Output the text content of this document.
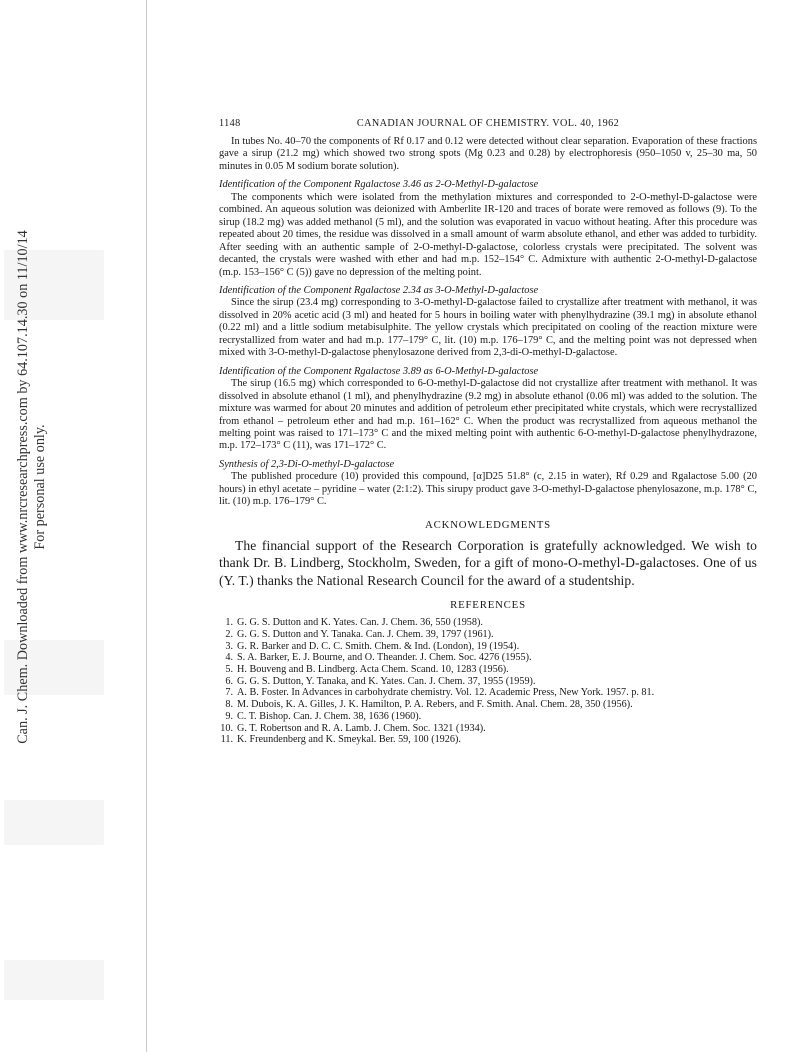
Can. J. Chem. Downloaded from www.nrcresearchpress.com by 64.107.14.30 on 11/10/14 For personal use only.
1148	CANADIAN JOURNAL OF CHEMISTRY. VOL. 40, 1962

In tubes No. 40–70 the components of Rf 0.17 and 0.12 were detected without clear separation. Evaporation of these fractions gave a sirup (21.2 mg) which showed two strong spots (Mg 0.23 and 0.28) by electrophoresis (950–1050 v, 25–30 ma, 50 minutes in 0.05 M sodium borate solution).

Identification of the Component Rgalactose 3.46 as 2-O-Methyl-D-galactose

The components which were isolated from the methylation mixtures and corresponded to 2-O-methyl-D-galactose were combined. An aqueous solution was deionized with Amberlite IR-120 and traces of borate were removed as follows (9). To the sirup (18.2 mg) was added methanol (5 ml), and the solution was evaporated in vacuo without heating. After this procedure was repeated about 20 times, the residue was dissolved in a small amount of warm absolute ethanol, and ether was added to turbidity. After seeding with an authentic sample of 2-O-methyl-D-galactose, colorless crystals were precipitated. The solvent was decanted, the crystals were washed with ether and had m.p. 152–154° C. Admixture with authentic 2-O-methyl-D-galactose (m.p. 153–156° C (5)) gave no depression of the melting point.

Identification of the Component Rgalactose 2.34 as 3-O-Methyl-D-galactose

Since the sirup (23.4 mg) corresponding to 3-O-methyl-D-galactose failed to crystallize after treatment with methanol, it was dissolved in 20% acetic acid (3 ml) and heated for 5 hours in boiling water with phenylhydrazine (39.1 mg) in absolute ethanol (0.22 ml) and a little sodium metabisulphite. The yellow crystals which precipitated on cooling of the reaction mixture were recrystallized from water and had m.p. 177–179° C, lit. (10) m.p. 176–179° C, and the melting point was not depressed when mixed with 3-O-methyl-D-galactose phenylosazone derived from 2,3-di-O-methyl-D-galactose.

Identification of the Component Rgalactose 3.89 as 6-O-Methyl-D-galactose

The sirup (16.5 mg) which corresponded to 6-O-methyl-D-galactose did not crystallize after treatment with methanol. It was dissolved in absolute ethanol (1 ml), and phenylhydrazine (9.2 mg) in absolute ethanol (0.06 ml) was added to the solution. The mixture was warmed for about 20 minutes and addition of petroleum ether precipitated white crystals, which were recrystallized from ethanol – petroleum ether and had m.p. 161–162° C. When the product was recrystallized from aqueous methanol the melting point was raised to 171–173° C and the mixed melting point with authentic 6-O-methyl-D-galactose phenylhydrazone, m.p. 172–173° C (11), was 171–172° C.

Synthesis of 2,3-Di-O-methyl-D-galactose

The published procedure (10) provided this compound, [α]D25 51.8° (c, 2.15 in water), Rf 0.29 and Rgalactose 5.00 (20 hours) in ethyl acetate – pyridine – water (2:1:2). This sirupy product gave 3-O-methyl-D-galactose phenylosazone, m.p. 178° C, lit. (10) m.p. 176–179° C.

ACKNOWLEDGMENTS

The financial support of the Research Corporation is gratefully acknowledged. We wish to thank Dr. B. Lindberg, Stockholm, Sweden, for a gift of mono-O-methyl-D-galactoses. One of us (Y. T.) thanks the National Research Council for the award of a studentship.

REFERENCES
1. G. G. S. Dutton and K. Yates. Can. J. Chem. 36, 550 (1958).
2. G. G. S. Dutton and Y. Tanaka. Can. J. Chem. 39, 1797 (1961).
3. G. R. Barker and D. C. C. Smith. Chem. & Ind. (London), 19 (1954).
4. S. A. Barker, E. J. Bourne, and O. Theander. J. Chem. Soc. 4276 (1955).
5. H. Bouveng and B. Lindberg. Acta Chem. Scand. 10, 1283 (1956).
6. G. G. S. Dutton, Y. Tanaka, and K. Yates. Can. J. Chem. 37, 1955 (1959).
7. A. B. Foster. In Advances in carbohydrate chemistry. Vol. 12. Academic Press, New York. 1957. p. 81.
8. M. Dubois, K. A. Gilles, J. K. Hamilton, P. A. Rebers, and F. Smith. Anal. Chem. 28, 350 (1956).
9. C. T. Bishop. Can. J. Chem. 38, 1636 (1960).
10. G. T. Robertson and R. A. Lamb. J. Chem. Soc. 1321 (1934).
11. K. Freundenberg and K. Smeykal. Ber. 59, 100 (1926).
